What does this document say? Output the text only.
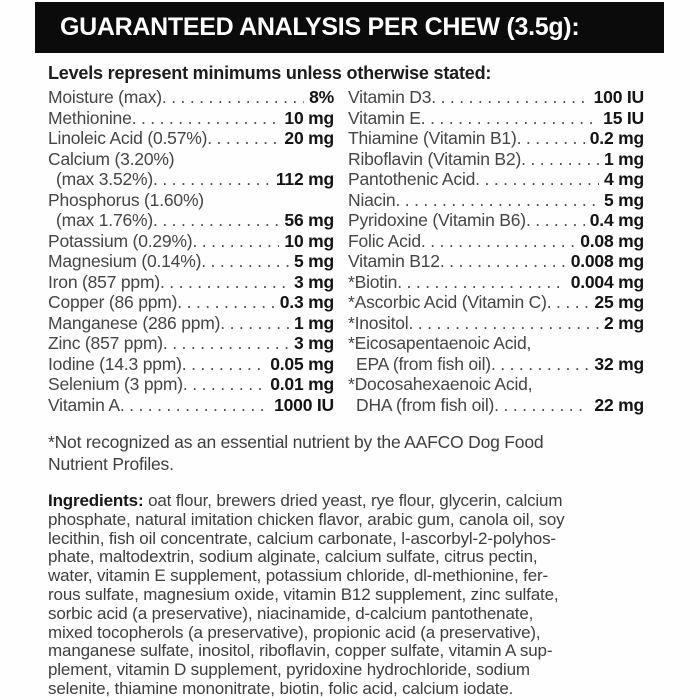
GUARANTEED ANALYSIS PER CHEW (3.5g):
Levels represent minimums unless otherwise stated:
Moisture (max) . . .	8%
Methionine . . .	10 mg
Linoleic Acid (0.57%) . . .	20 mg
Calcium (3.20%)
(max 3.52%) . . .	112 mg
Phosphorus (1.60%)
(max 1.76%) . . .	56 mg
Potassium (0.29%) . . .	10 mg
Magnesium (0.14%) . . .	5 mg
Iron (857 ppm) . . .	3 mg
Copper (86 ppm) . . .	0.3 mg
Manganese (286 ppm) . . .	1 mg
Zinc (857 ppm) . . .	3 mg
Iodine (14.3 ppm) . . .	0.05 mg
Selenium (3 ppm) . . .	0.01 mg
Vitamin A . . .	1000 IU
Vitamin D3 . . .	100 IU
Vitamin E . . .	15 IU
Thiamine (Vitamin B1) . . .	0.2 mg
Riboflavin (Vitamin B2) . . .	1 mg
Pantothenic Acid . . .	4 mg
Niacin . . .	5 mg
Pyridoxine (Vitamin B6) . . .	0.4 mg
Folic Acid . . .	0.08 mg
Vitamin B12 . . .	0.008 mg
*Biotin . . .	0.004 mg
*Ascorbic Acid (Vitamin C) . . .	25 mg
*Inositol . . .	2 mg
*Eicosapentaenoic Acid,
EPA (from fish oil) . . .	32 mg
*Docosahexaenoic Acid,
DHA (from fish oil) . . .	22 mg
*Not recognized as an essential nutrient by the AAFCO Dog Food
Nutrient Profiles.
Ingredients: oat flour, brewers dried yeast, rye flour, glycerin, calcium
phosphate, natural imitation chicken flavor, arabic gum, canola oil, soy
lecithin, fish oil concentrate, calcium carbonate, l-ascorbyl-2-polyhos-
phate, maltodextrin, sodium alginate, calcium sulfate, citrus pectin,
water, vitamin E supplement, potassium chloride, dl-methionine, fer-
rous sulfate, magnesium oxide, vitamin B12 supplement, zinc sulfate,
sorbic acid (a preservative), niacinamide, d-calcium pantothenate,
mixed tocopherols (a preservative), propionic acid (a preservative),
manganese sulfate, inositol, riboflavin, copper sulfate, vitamin A sup-
plement, vitamin D supplement, pyridoxine hydrochloride, sodium
selenite, thiamine mononitrate, biotin, folic acid, calcium iodate.
